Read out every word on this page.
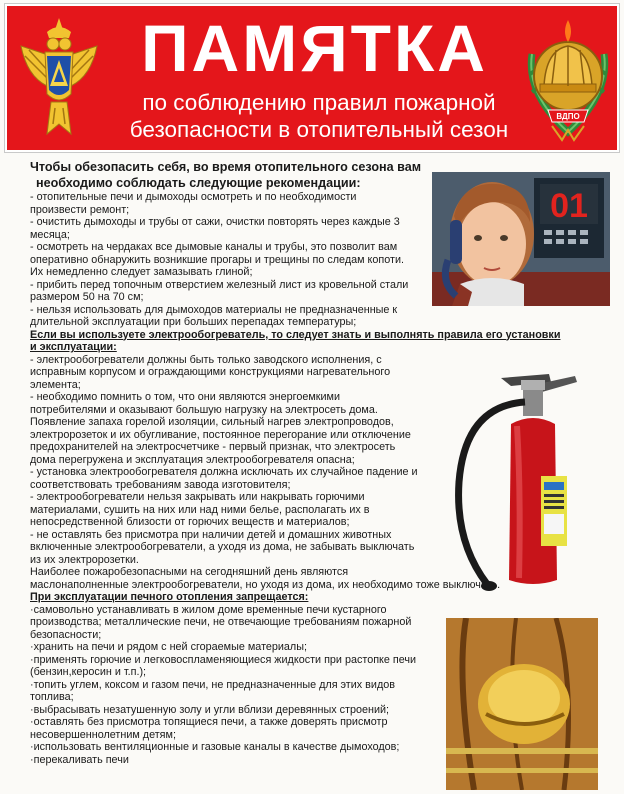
ПАМЯТКА
по соблюдению правил пожарной
безопасности в отопительный сезон
ВДПО
01

Чтобы обезопасить себя, во время отопительного сезона вам

необходимо соблюдать следующие рекомендации:

- отопительные печи и дымоходы осмотреть и по необходимости

произвести ремонт;

- очистить дымоходы и трубы от сажи, очистки повторять через каждые 3

месяца;

- осмотреть на чердаках все дымовые каналы и трубы, это позволит вам

оперативно обнаружить возникшие прогары и трещины по следам копоти.

Их немедленно следует замазывать глиной;

- прибить перед топочным отверстием железный лист из кровельной стали

размером 50 на 70 см;

- нельзя использовать для дымоходов материалы не предназначенные к

длительной эксплуатации при больших перепадах температуры;

Если вы используете электрообогреватель, то следует знать и выполнять правила его установки

и эксплуатации:

- электрообогреватели должны быть только заводского исполнения, с

исправным корпусом и ограждающими конструкциями нагревательного

элемента;

- необходимо помнить о том, что они являются энергоемкими

потребителями и оказывают большую нагрузку на электросеть дома.

Появление запаха горелой изоляции, сильный нагрев электропроводов,

электророзеток и их обугливание, постоянное перегорание или отключение

предохранителей на электросчетчике - первый признак, что электросеть

дома перегружена и эксплуатация электрообогревателя опасна;

- установка электрообогревателя должна исключать их случайное падение и

соответствовать требованиям завода изготовителя;

- электрообогреватели нельзя закрывать или накрывать горючими

материалами, сушить на них или над ними белье, располагать их в

непосредственной близости от горючих веществ и материалов;

- не оставлять без присмотра при наличии детей и домашних животных

включенные электрообогреватели, а уходя из дома, не забывать выключать

из их электророзетки.

Наиболее пожаробезопасными на сегодняшний день являются

маслонаполненные электрообогреватели, но уходя из дома, их необходимо тоже выключать.

При эксплуатации печного отопления запрещается:

·самовольно устанавливать в жилом доме временные печи кустарного

производства; металлические печи, не отвечающие требованиям пожарной

безопасности;

·хранить на печи и рядом с ней сгораемые материалы;

·применять горючие и легковоспламеняющиеся жидкости при растопке печи

(бензин,керосин и т.п.);

·топить углем, коксом и газом печи, не предназначенные для этих видов

топлива;

·выбрасывать незатушенную золу и угли вблизи деревянных строений;

·оставлять без присмотра топящиеся печи, а также доверять присмотр

несовершеннолетним детям;

·использовать вентиляционные и газовые каналы в качестве дымоходов;

·перекаливать печи
